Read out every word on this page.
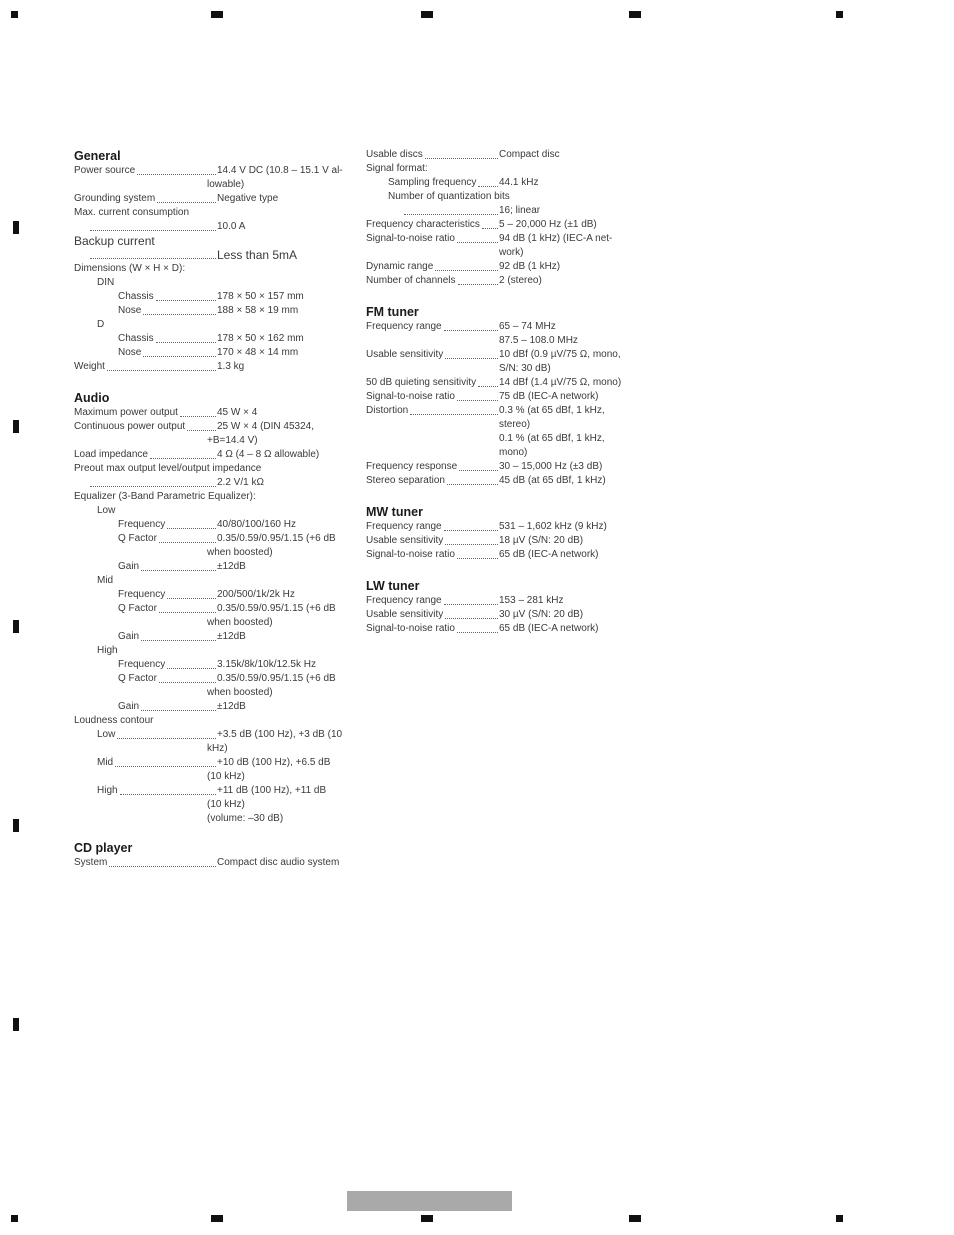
General
Power source	14.4 V DC (10.8 – 15.1 V al-
lowable)
Grounding system	Negative type
Max. current consumption
10.0 A
Backup current
Less than 5mA
Dimensions (W × H × D):
DIN
Chassis	178 × 50 × 157 mm
Nose	188 × 58 × 19 mm
D
Chassis	178 × 50 × 162 mm
Nose	170 × 48 × 14 mm
Weight	1.3 kg
Audio
Maximum power output	45 W × 4
Continuous power output	25 W × 4 (DIN 45324,
+B=14.4 V)
Load impedance	4 Ω (4 – 8 Ω allowable)
Preout max output level/output impedance
2.2 V/1 kΩ
Equalizer (3-Band Parametric Equalizer):
Low
Frequency	40/80/100/160 Hz
Q Factor	0.35/0.59/0.95/1.15 (+6 dB
when boosted)
Gain	±12dB
Mid
Frequency	200/500/1k/2k Hz
Q Factor	0.35/0.59/0.95/1.15 (+6 dB
when boosted)
Gain	±12dB
High
Frequency	3.15k/8k/10k/12.5k Hz
Q Factor	0.35/0.59/0.95/1.15 (+6 dB
when boosted)
Gain	±12dB
Loudness contour
Low	+3.5 dB (100 Hz), +3 dB (10
kHz)
Mid	+10 dB (100 Hz), +6.5 dB
(10 kHz)
High	+11 dB (100 Hz), +11 dB
(10 kHz)
(volume: –30 dB)
CD player
System	Compact disc audio system
Usable discs	Compact disc
Signal format:
Sampling frequency 44.1 kHz
Number of quantization bits
16; linear
Frequency characteristics 5 – 20,000 Hz (±1 dB)
Signal-to-noise ratio	94 dB (1 kHz) (IEC-A net-
work)
Dynamic range	92 dB (1 kHz)
Number of channels	2 (stereo)
FM tuner
Frequency range	65 – 74 MHz
87.5 – 108.0 MHz
Usable sensitivity	10 dBf (0.9 µV/75 Ω, mono,
S/N: 30 dB)
50 dB quieting sensitivity 14 dBf (1.4 µV/75 Ω, mono)
Signal-to-noise ratio	75 dB (IEC-A network)
Distortion	0.3 % (at 65 dBf, 1 kHz,
stereo)
0.1 % (at 65 dBf, 1 kHz,
mono)
Frequency response	30 – 15,000 Hz (±3 dB)
Stereo separation	45 dB (at 65 dBf, 1 kHz)
MW tuner
Frequency range	531 – 1,602 kHz (9 kHz)
Usable sensitivity	18 µV (S/N: 20 dB)
Signal-to-noise ratio	65 dB (IEC-A network)
LW tuner
Frequency range	153 – 281 kHz
Usable sensitivity	30 µV (S/N: 20 dB)
Signal-to-noise ratio	65 dB (IEC-A network)
